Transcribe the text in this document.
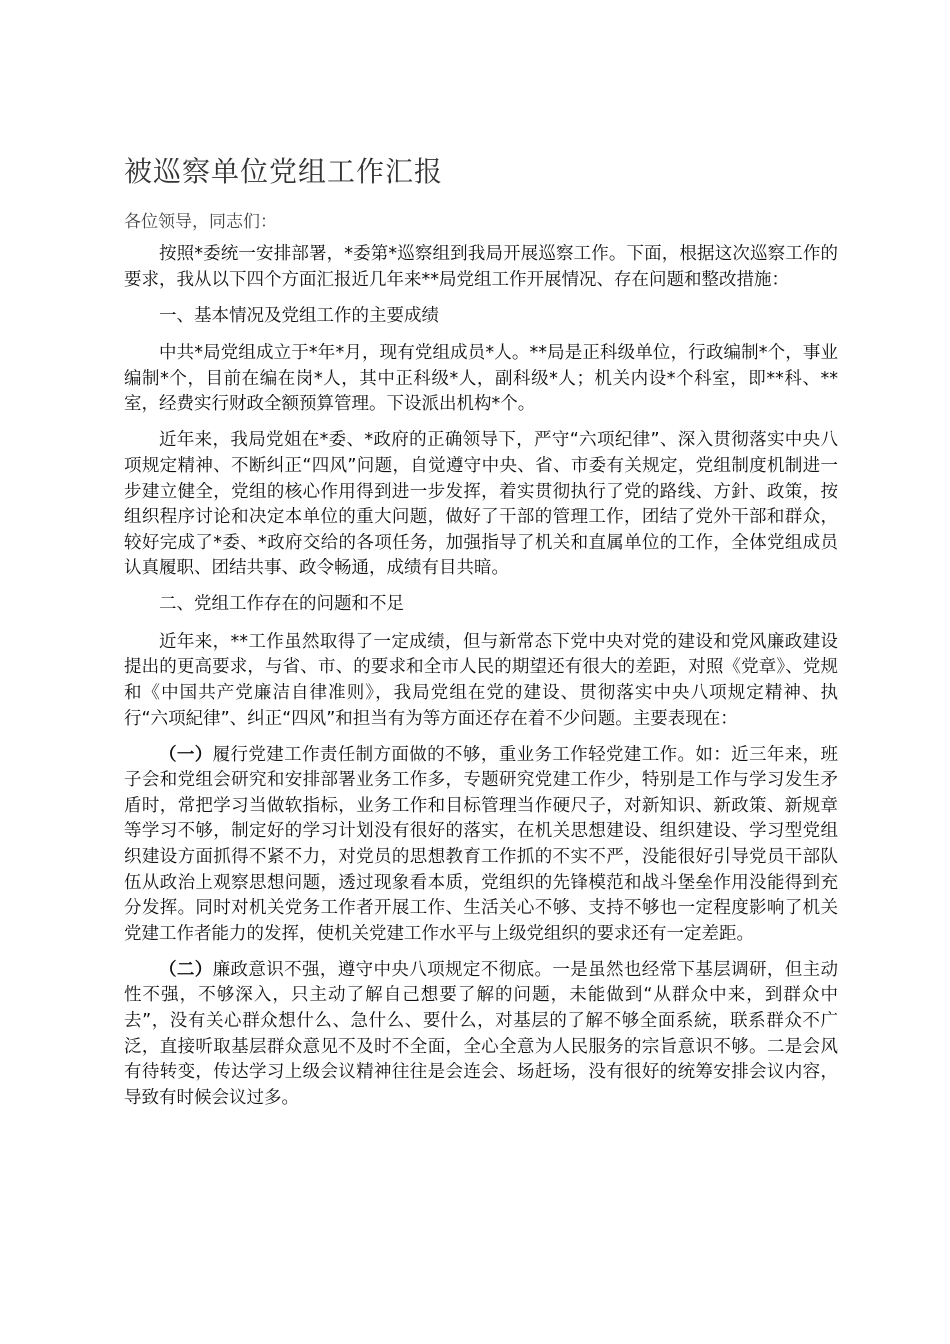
被巡察单位党组工作汇报

各位领导，同志们：

按照*委统一安排部署，*委第*巡察组到我局开展巡察工作。下面，根据这次巡察工作的要求，我从以下四个方面汇报近几年来**局党组工作开展情况、存在问题和整改措施：

一、基本情况及党组工作的主要成绩

中共*局党组成立于*年*月，现有党组成员*人。**局是正科级单位，行政编制*个，事业编制*个，目前在编在岗*人，其中正科级*人，副科级*人；机关内设*个科室，即**科、**室，经费实行财政全额预算管理。下设派出机构*个。

近年来，我局党姐在*委、*政府的正确领导下，严守“六项纪律”、深入贯彻落实中央八项规定精神、不断纠正“四风”问题，自觉遵守中央、省、市委有关规定，党组制度机制进一步建立健全，党组的核心作用得到进一步发挥，着实贯彻执行了党的路线、方針、政策，按组织程序讨论和决定本单位的重大问题，做好了干部的管理工作，团结了党外干部和群众，较好完成了*委、*政府交给的各项任务，加强指导了机关和直属单位的工作，全体党组成员认真履职、团结共事、政令畅通，成绩有目共暗。

二、党组工作存在的问题和不足

近年来，**工作虽然取得了一定成绩，但与新常态下党中央对党的建设和党风廉政建设提出的更高要求，与省、市、的要求和全市人民的期望还有很大的差距，对照《党章》、党规和《中国共产党廉洁自律准则》，我局党组在党的建设、贯彻落实中央八项规定精神、执行“六项紀律”、纠正“四风”和担当有为等方面还存在着不少问题。主要表现在：

（一）履行党建工作责任制方面做的不够，重业务工作轻党建工作。如：近三年来，班子会和党组会研究和安排部署业务工作多，专题研究党建工作少，特别是工作与学习发生矛盾时，常把学习当做软指标，业务工作和目标管理当作硬尺子，对新知识、新政策、新规章等学习不够，制定好的学习计划没有很好的落实，在机关思想建设、组织建设、学习型党组织建设方面抓得不紧不力，对党员的思想教育工作抓的不实不严，没能很好引导党员干部队伍从政治上观察思想问题，透过现象看本质，党组织的先锋模范和战斗堡垒作用没能得到充分发挥。同时对机关党务工作者开展工作、生活关心不够、支持不够也一定程度影响了机关党建工作者能力的发挥，使机关党建工作水平与上级党组织的要求还有一定差距。

（二）廉政意识不强，遵守中央八项规定不彻底。一是虽然也经常下基层调研，但主动性不强，不够深入，只主动了解自己想要了解的问题，未能做到“从群众中来，到群众中去”，没有关心群众想什么、急什么、要什么，对基层的了解不够全面系統，联系群众不广泛，直接听取基层群众意见不及时不全面，全心全意为人民服务的宗旨意识不够。二是会风有待转变，传达学习上级会议精神往往是会连会、场赶场，没有很好的统筹安排会议内容，导致有时候会议过多。
